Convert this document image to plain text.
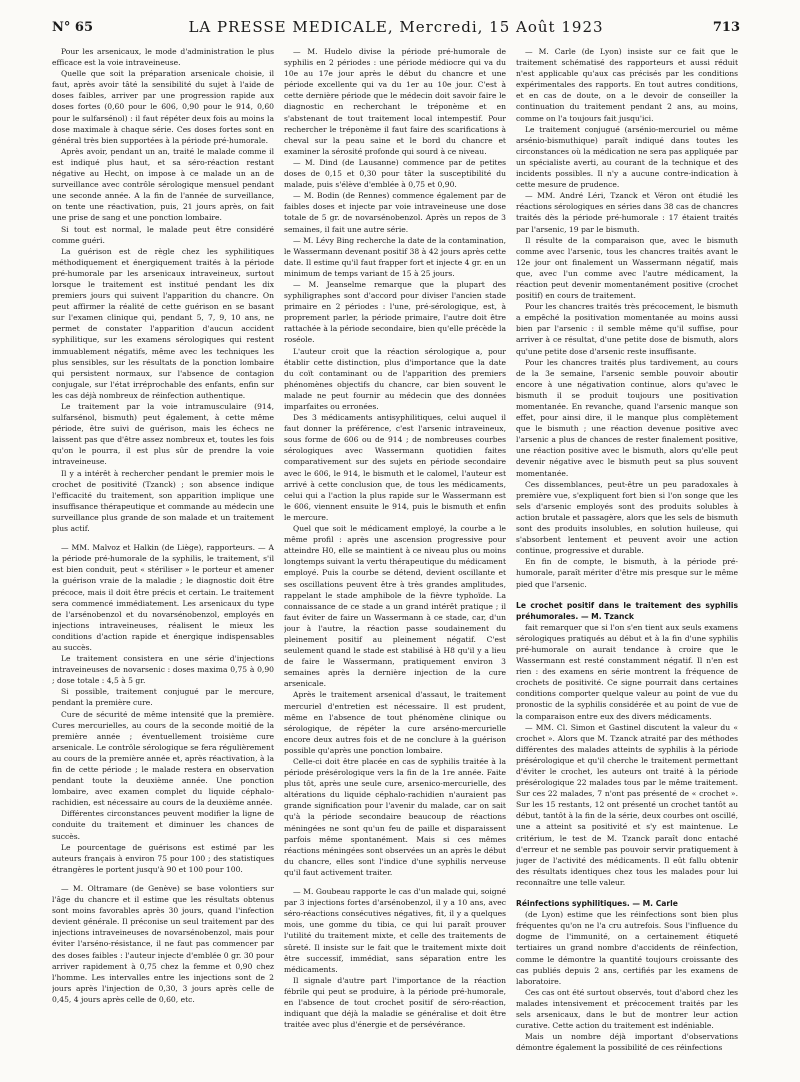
N° 65	LA PRESSE MEDICALE, Mercredi, 15 Août 1923	713

Pour les arsenicaux, le mode d'administration le plus efficace est la voie intraveineuse.

Quelle que soit la préparation arsenicale choisie, il faut, après avoir tâté la sensibilité du sujet à l'aide de doses faibles, arriver par une progression rapide aux doses fortes (0,60 pour le 606, 0,90 pour le 914, 0,60 pour le sulfarsénol) : il faut répéter deux fois au moins la dose maximale à chaque série. Ces doses fortes sont en général très bien supportées à la période pré-humorale.

Après avoir, pendant un an, traité le malade comme il est indiqué plus haut, et sa séro-réaction restant négative au Hecht, on impose à ce malade un an de surveillance avec contrôle sérologique mensuel pendant une seconde année. A la fin de l'année de surveillance, on tente une réactivation, puis, 21 jours après, on fait une prise de sang et une ponction lombaire.

Si tout est normal, le malade peut être considéré comme guéri.

La guérison est de règle chez les syphilitiques méthodiquement et énergiquement traités à la période pré-humorale par les arsenicaux intraveineux, surtout lorsque le traitement est institué pendant les dix premiers jours qui suivent l'apparition du chancre. On peut affirmer la réalité de cette guérison en se basant sur l'examen clinique qui, pendant 5, 7, 9, 10 ans, ne permet de constater l'apparition d'aucun accident syphilitique, sur les examens sérologiques qui restent immuablement négatifs, même avec les techniques les plus sensibles, sur les résultats de la ponction lombaire qui persistent normaux, sur l'absence de contagion conjugale, sur l'état irréprochable des enfants, enfin sur les cas déjà nombreux de réinfection authentique.

Le traitement par la voie intramusculaire (914, sulfarsénol, bismuth) peut également, à cette même période, être suivi de guérison, mais les échecs ne laissent pas que d'être assez nombreux et, toutes les fois qu'on le pourra, il est plus sûr de prendre la voie intraveineuse.

Il y a intérêt à rechercher pendant le premier mois le crochet de positivité (Tzanck) ; son absence indique l'efficacité du traitement, son apparition implique une insuffisance thérapeutique et commande au médecin une surveillance plus grande de son malade et un traitement plus actif.

— MM. Malvoz et Halkin (de Liège), rapporteurs. — A la période pré-humorale de la syphilis, le traitement, s'il est bien conduit, peut « stériliser » le porteur et amener la guérison vraie de la maladie ; le diagnostic doit être précoce, mais il doit être précis et certain. Le traitement sera commencé immédiatement. Les arsenicaux du type de l'arsénobenzol et du novarsénobenzol, employés en injections intraveineuses, réalisent le mieux les conditions d'action rapide et énergique indispensables au succès.

Le traitement consistera en une série d'injections intraveineuses de novarsenic : doses maxima 0,75 à 0,90 ; dose totale : 4,5 à 5 gr.

Si possible, traitement conjugué par le mercure, pendant la première cure.

Cure de sécurité de même intensité que la première. Cures mercurielles, au cours de la seconde moitié de la première année ; éventuellement troisième cure arsenicale. Le contrôle sérologique se fera régulièrement au cours de la première année et, après réactivation, à la fin de cette période ; le malade restera en observation pendant toute la deuxième année. Une ponction lombaire, avec examen complet du liquide céphalo-rachidien, est nécessaire au cours de la deuxième année.

Différentes circonstances peuvent modifier la ligne de conduite du traitement et diminuer les chances de succès.

Le pourcentage de guérisons est estimé par les auteurs français à environ 75 pour 100 ; des statistiques étrangères le portent jusqu'à 90 et 100 pour 100.

— M. Oltramare (de Genève) se base volontiers sur l'âge du chancre et il estime que les résultats obtenus sont moins favorables après 30 jours, quand l'infection devient générale. Il préconise un seul traitement par des injections intraveineuses de novarsénobenzol, mais pour éviter l'arséno-résistance, il ne faut pas commencer par des doses faibles : l'auteur injecte d'emblée 0 gr. 30 pour arriver rapidement à 0,75 chez la femme et 0,90 chez l'homme. Les intervalles entre les injections sont de 2 jours après l'injection de 0,30, 3 jours après celle de 0,45, 4 jours après celle de 0,60, etc.

— M. Hudelo divise la période pré-humorale de syphilis en 2 périodes : une période médiocre qui va du 10e au 17e jour après le début du chancre et une période excellente qui va du 1er au 10e jour. C'est à cette dernière période que le médecin doit savoir faire le diagnostic en recherchant le tréponème et en s'abstenant de tout traitement local intempestif. Pour rechercher le tréponème il faut faire des scarifications à cheval sur la peau saine et le bord du chancre et examiner la sérosité profonde qui sourd à ce niveau.

— M. Dind (de Lausanne) commence par de petites doses de 0,15 et 0,30 pour tâter la susceptibilité du malade, puis s'élève d'emblée à 0,75 et 0,90.

— M. Bodin (de Rennes) commence également par de faibles doses et injecte par voie intraveineuse une dose totale de 5 gr. de novarsénobenzol. Après un repos de 3 semaines, il fait une autre série.

— M. Lévy Bing recherche la date de la contamination, le Wassermann devenant positif 38 à 42 jours après cette date. Il estime qu'il faut frapper fort et injecte 4 gr. en un minimum de temps variant de 15 à 25 jours.

— M. Jeanselme remarque que la plupart des syphiligraphes sont d'accord pour diviser l'ancien stade primaire en 2 périodes : l'une, pré-sérologique, est, à proprement parler, la période primaire, l'autre doit être rattachée à la période secondaire, bien qu'elle précède la roséole.

L'auteur croit que la réaction sérologique a, pour établir cette distinction, plus d'importance que la date du coït contaminant ou de l'apparition des premiers phénomènes objectifs du chancre, car bien souvent le malade ne peut fournir au médecin que des données imparfaites ou erronées.

Des 3 médicaments antisyphilitiques, celui auquel il faut donner la préférence, c'est l'arsenic intraveineux, sous forme de 606 ou de 914 ; de nombreuses courbes sérologiques avec Wassermann quotidien faites comparativement sur des sujets en période secondaire avec le 606, le 914, le bismuth et le calomel, l'auteur est arrivé à cette conclusion que, de tous les médicaments, celui qui a l'action la plus rapide sur le Wassermann est le 606, viennent ensuite le 914, puis le bismuth et enfin le mercure.

Quel que soit le médicament employé, la courbe a le même profil : après une ascension progressive pour atteindre H0, elle se maintient à ce niveau plus ou moins longtemps suivant la vertu thérapeutique du médicament employé. Puis la courbe se détend, devient oscillante et ses oscillations peuvent être à très grandes amplitudes, rappelant le stade amphibole de la fièvre typhoïde. La connaissance de ce stade a un grand intérêt pratique ; il faut éviter de faire un Wassermann à ce stade, car, d'un jour à l'autre, la réaction passe soudainement du pleinement positif au pleinement négatif. C'est seulement quand le stade est stabilisé à H8 qu'il y a lieu de faire le Wassermann, pratiquement environ 3 semaines après la dernière injection de la cure arsenicale.

Après le traitement arsenical d'assaut, le traitement mercuriel d'entretien est nécessaire. Il est prudent, même en l'absence de tout phénomène clinique ou sérologique, de répéter la cure arséno-mercurielle encore deux autres fois et de ne conclure à la guérison possible qu'après une ponction lombaire.

Celle-ci doit être placée en cas de syphilis traitée à la période présérologique vers la fin de la 1re année. Faite plus tôt, après une seule cure, arsenico-mercurielle, des altérations du liquide céphalo-rachidien n'auraient pas grande signification pour l'avenir du malade, car on sait qu'à la période secondaire beaucoup de réactions méningées ne sont qu'un feu de paille et disparaissent parfois même spontanément. Mais si ces mêmes réactions méningées sont observées un an après le début du chancre, elles sont l'indice d'une syphilis nerveuse qu'il faut activement traiter.

— M. Goubeau rapporte le cas d'un malade qui, soigné par 3 injections fortes d'arsénobenzol, il y a 10 ans, avec séro-réactions consécutives négatives, fit, il y a quelques mois, une gomme du tibia, ce qui lui paraît prouver l'utilité du traitement mixte, et celle des traitements de sûreté. Il insiste sur le fait que le traitement mixte doit être successif, immédiat, sans séparation entre les médicaments.

Il signale d'autre part l'importance de la réaction fébrile qui peut se produire, à la période pré-humorale, en l'absence de tout crochet positif de séro-réaction, indiquant que déjà la maladie se généralise et doit être traitée avec plus d'énergie et de persévérance.

— M. Carle (de Lyon) insiste sur ce fait que le traitement schématisé des rapporteurs et aussi réduit n'est applicable qu'aux cas précisés par les conditions expérimentales des rapports. En tout autres conditions, et en cas de doute, on a le devoir de conseiller la continuation du traitement pendant 2 ans, au moins, comme on l'a toujours fait jusqu'ici.

Le traitement conjugué (arsénio-mercuriel ou même arsénio-bismuthique) paraît indiqué dans toutes les circonstances où la médication ne sera pas appliquée par un spécialiste averti, au courant de la technique et des incidents possibles. Il n'y a aucune contre-indication à cette mesure de prudence.

— MM. André Léri, Tzanck et Véron ont étudié les réactions sérologiques en séries dans 38 cas de chancres traités dès la période pré-humorale : 17 étaient traités par l'arsenic, 19 par le bismuth.

Il résulte de la comparaison que, avec le bismuth comme avec l'arsenic, tous les chancres traités avant le 12e jour ont finalement un Wassermann négatif, mais que, avec l'un comme avec l'autre médicament, la réaction peut devenir momentanément positive (crochet positif) en cours de traitement.

Pour les chancres traités très précocement, le bismuth a empêché la positivation momentanée au moins aussi bien par l'arsenic : il semble même qu'il suffise, pour arriver à ce résultat, d'une petite dose de bismuth, alors qu'une petite dose d'arsenic reste insuffisante.

Pour les chancres traités plus tardivement, au cours de la 3e semaine, l'arsenic semble pouvoir aboutir encore à une négativation continue, alors qu'avec le bismuth il se produit toujours une positivation momentanée. En revanche, quand l'arsenic manque son effet, pour ainsi dire, il le manque plus complètement que le bismuth ; une réaction devenue positive avec l'arsenic a plus de chances de rester finalement positive, une réaction positive avec le bismuth, alors qu'elle peut devenir négative avec le bismuth peut sa plus souvent momentanée.

Ces dissemblances, peut-être un peu paradoxales à première vue, s'expliquent fort bien si l'on songe que les sels d'arsenic employés sont des produits solubles à action brutale et passagère, alors que les sels de bismuth sont des produits insolubles, en solution huileuse, qui s'absorbent lentement et peuvent avoir une action continue, progressive et durable.

En fin de compte, le bismuth, à la période pré-humorale, paraît mériter d'être mis presque sur le même pied que l'arsenic.

Le crochet positif dans le traitement des syphilis préhumorales. — M. Tzanck

fait remarquer que si l'on s'en tient aux seuls examens sérologiques pratiqués au début et à la fin d'une syphilis pré-humorale on aurait tendance à croire que le Wassermann est resté constamment négatif. Il n'en est rien : des examens en série montrent la fréquence de crochets de positivité. Ce signe pourrait dans certaines conditions comporter quelque valeur au point de vue du pronostic de la syphilis considérée et au point de vue de la comparaison entre eux des divers médicaments.

— MM. Cl. Simon et Gastinel discutent la valeur du « crochet ». Alors que M. Tzanck atraité par des méthodes différentes des malades atteints de syphilis à la période présérologique et qu'il cherche le traitement permettant d'éviter le crochet, les auteurs ont traité à la période présérologique 22 malades tous par le même traitement. Sur ces 22 malades, 7 n'ont pas présenté de « crochet ». Sur les 15 restants, 12 ont présenté un crochet tantôt au début, tantôt à la fin de la série, deux courbes ont oscillé, une a atteint sa positivité et s'y est maintenue. Le critérium, le test de M. Tzanck paraît donc entaché d'erreur et ne semble pas pouvoir servir pratiquement à juger de l'activité des médicaments. Il eût fallu obtenir des résultats identiques chez tous les malades pour lui reconnaître une telle valeur.

Réinfections syphilitiques. — M. Carle

(de Lyon) estime que les réinfections sont bien plus fréquentes qu'on ne l'a cru autrefois. Sous l'influence du dogme de l'immunité, on a certainement étiqueté tertiaires un grand nombre d'accidents de réinfection, comme le démontre la quantité toujours croissante des cas publiés depuis 2 ans, certifiés par les examens de laboratoire.

Ces cas ont été surtout observés, tout d'abord chez les malades intensivement et précocement traités par les sels arsenicaux, dans le but de montrer leur action curative. Cette action du traitement est indéniable.

Mais un nombre déjà important d'observations démontre également la possibilité de ces réinfections
